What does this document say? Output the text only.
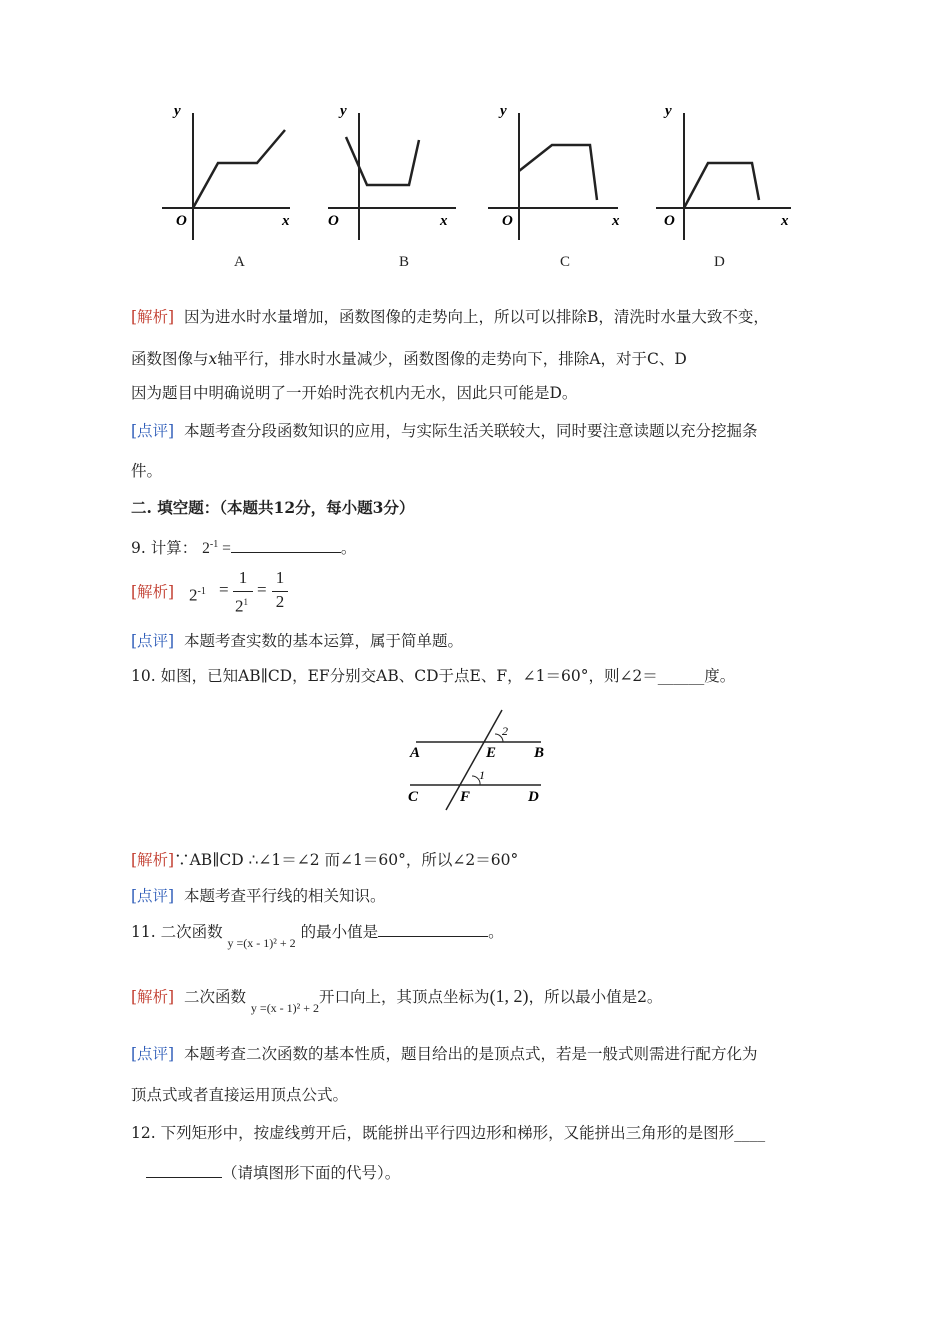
y
O	x
y
O	x
y
O	x
y
O	x
A	B	C	D
[解析] 因为进水时水量增加，函数图像的走势向上，所以可以排除B，清洗时水量大致不变，
函数图像与x轴平行，排水时水量减少，函数图像的走势向下，排除A，对于C、D
因为题目中明确说明了一开始时洗衣机内无水，因此只可能是D。
[点评] 本题考查分段函数知识的应用，与实际生活关联较大，同时要注意读题以充分挖掘条
件。
二. 填空题：（本题共12分，每小题3分）
9. 计算： $2^{-1}$ =	。
[解析] $2^{-1}$ =
1
$2^1$
=
1
2
[点评] 本题考查实数的基本运算，属于简单题。
10. 如图，已知AB∥CD，EF分别交AB、CD于点E、F，∠1＝60°，则∠2＝______度。
2
A	E	B
1
C	F	D
[解析]∵AB∥CD ∴∠1＝∠2 而∠1＝60°，所以∠2＝60°
[点评] 本题考查平行线的相关知识。
11. 二次函数 $_{y =(x - 1)^2 + 2}$ 的最小值是	。
[解析] 二次函数 $_{y =(x - 1)^2 + 2}$开口向上，其顶点坐标为(1, 2)，所以最小值是2。
[点评] 本题考查二次函数的基本性质，题目给出的是顶点式，若是一般式则需进行配方化为
顶点式或者直接运用顶点公式。
12. 下列矩形中，按虚线剪开后，既能拼出平行四边形和梯形，又能拼出三角形的是图形____
（请填图形下面的代号）。
